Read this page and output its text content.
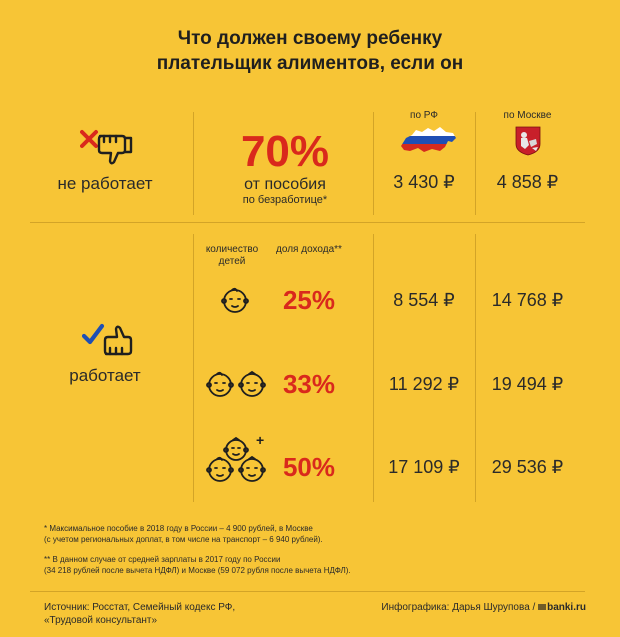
Что должен своему ребенку
плательщик алиментов, если он
по РФ	по Москве
не работает
70%
от пособия
по безработице*
3 430 ₽	4 858 ₽
количество детей
доля дохода**
работает
25%	8 554 ₽	14 768 ₽
33%	11 292 ₽	19 494 ₽
+
50%	17 109 ₽	29 536 ₽
* Максимальное пособие в 2018 году в России – 4 900 рублей, в Москве
(с учетом региональных доплат, в том числе на транспорт – 6 940 рублей).
** В данном случае от средней зарплаты в 2017 году по России
(34 218 рублей после вычета НДФЛ) и Москве (59 072 рубля после вычета НДФЛ).
Источник: Росстат, Семейный кодекс РФ,
«Трудовой консультант»
Инфографика: Дарья Шурупова / banki.ru
